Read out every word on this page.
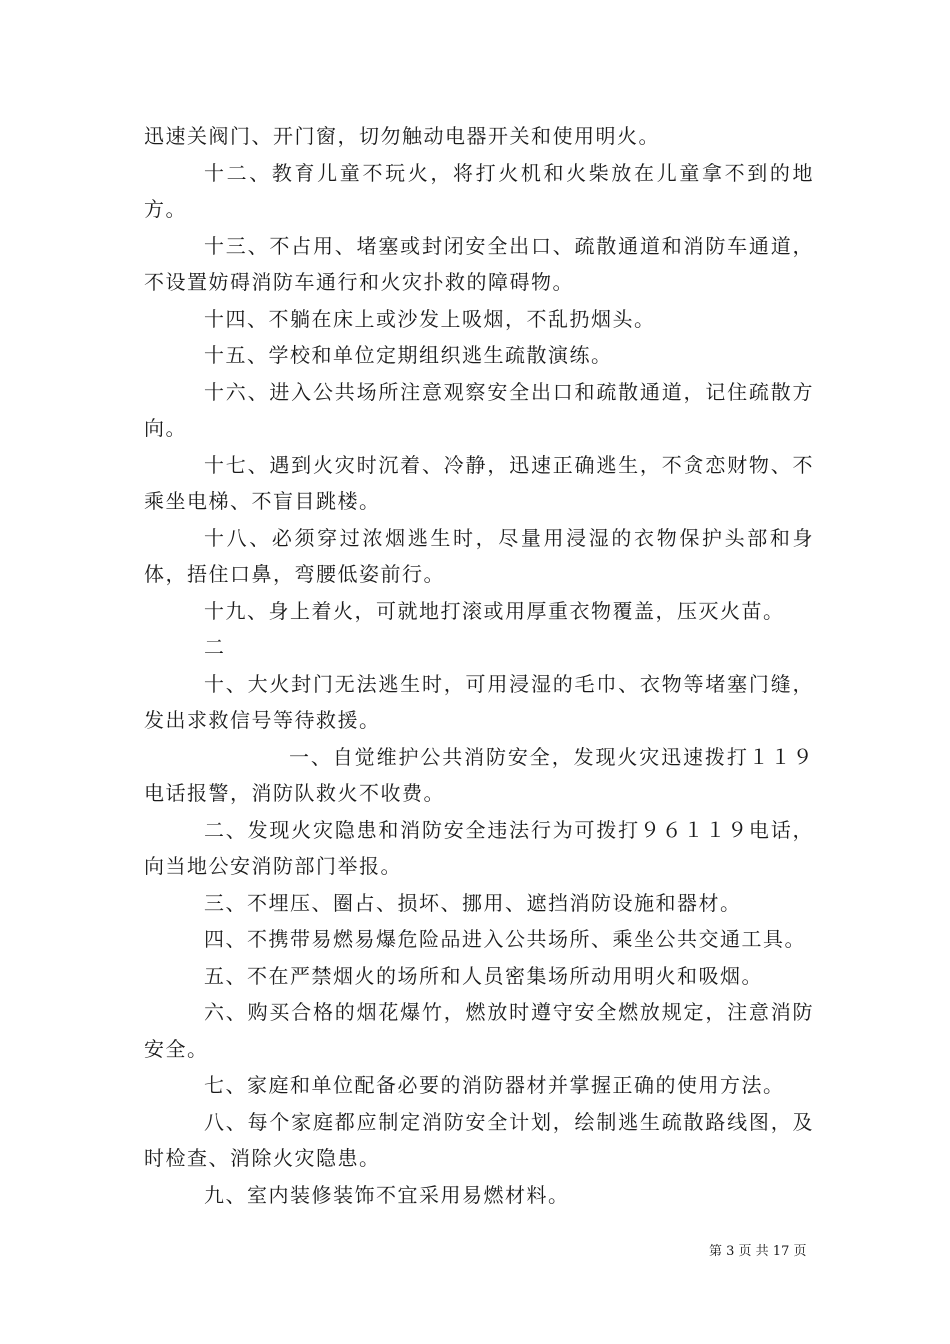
迅速关阀门、开门窗，切勿触动电器开关和使用明火。

十二、教育儿童不玩火，将打火机和火柴放在儿童拿不到的地方。

十三、不占用、堵塞或封闭安全出口、疏散通道和消防车通道，不设置妨碍消防车通行和火灾扑救的障碍物。

十四、不躺在床上或沙发上吸烟，不乱扔烟头。

十五、学校和单位定期组织逃生疏散演练。

十六、进入公共场所注意观察安全出口和疏散通道，记住疏散方向。

十七、遇到火灾时沉着、冷静，迅速正确逃生，不贪恋财物、不乘坐电梯、不盲目跳楼。

十八、必须穿过浓烟逃生时，尽量用浸湿的衣物保护头部和身体，捂住口鼻，弯腰低姿前行。

十九、身上着火，可就地打滚或用厚重衣物覆盖，压灭火苗。

二

十、大火封门无法逃生时，可用浸湿的毛巾、衣物等堵塞门缝，发出求救信号等待救援。

一、自觉维护公共消防安全，发现火灾迅速拨打１１９电话报警，消防队救火不收费。

二、发现火灾隐患和消防安全违法行为可拨打９６１１９电话，向当地公安消防部门举报。

三、不埋压、圈占、损坏、挪用、遮挡消防设施和器材。

四、不携带易燃易爆危险品进入公共场所、乘坐公共交通工具。

五、不在严禁烟火的场所和人员密集场所动用明火和吸烟。

六、购买合格的烟花爆竹，燃放时遵守安全燃放规定，注意消防安全。

七、家庭和单位配备必要的消防器材并掌握正确的使用方法。

八、每个家庭都应制定消防安全计划，绘制逃生疏散路线图，及时检查、消除火灾隐患。

九、室内装修装饰不宜采用易燃材料。

第 3 页 共 17 页
